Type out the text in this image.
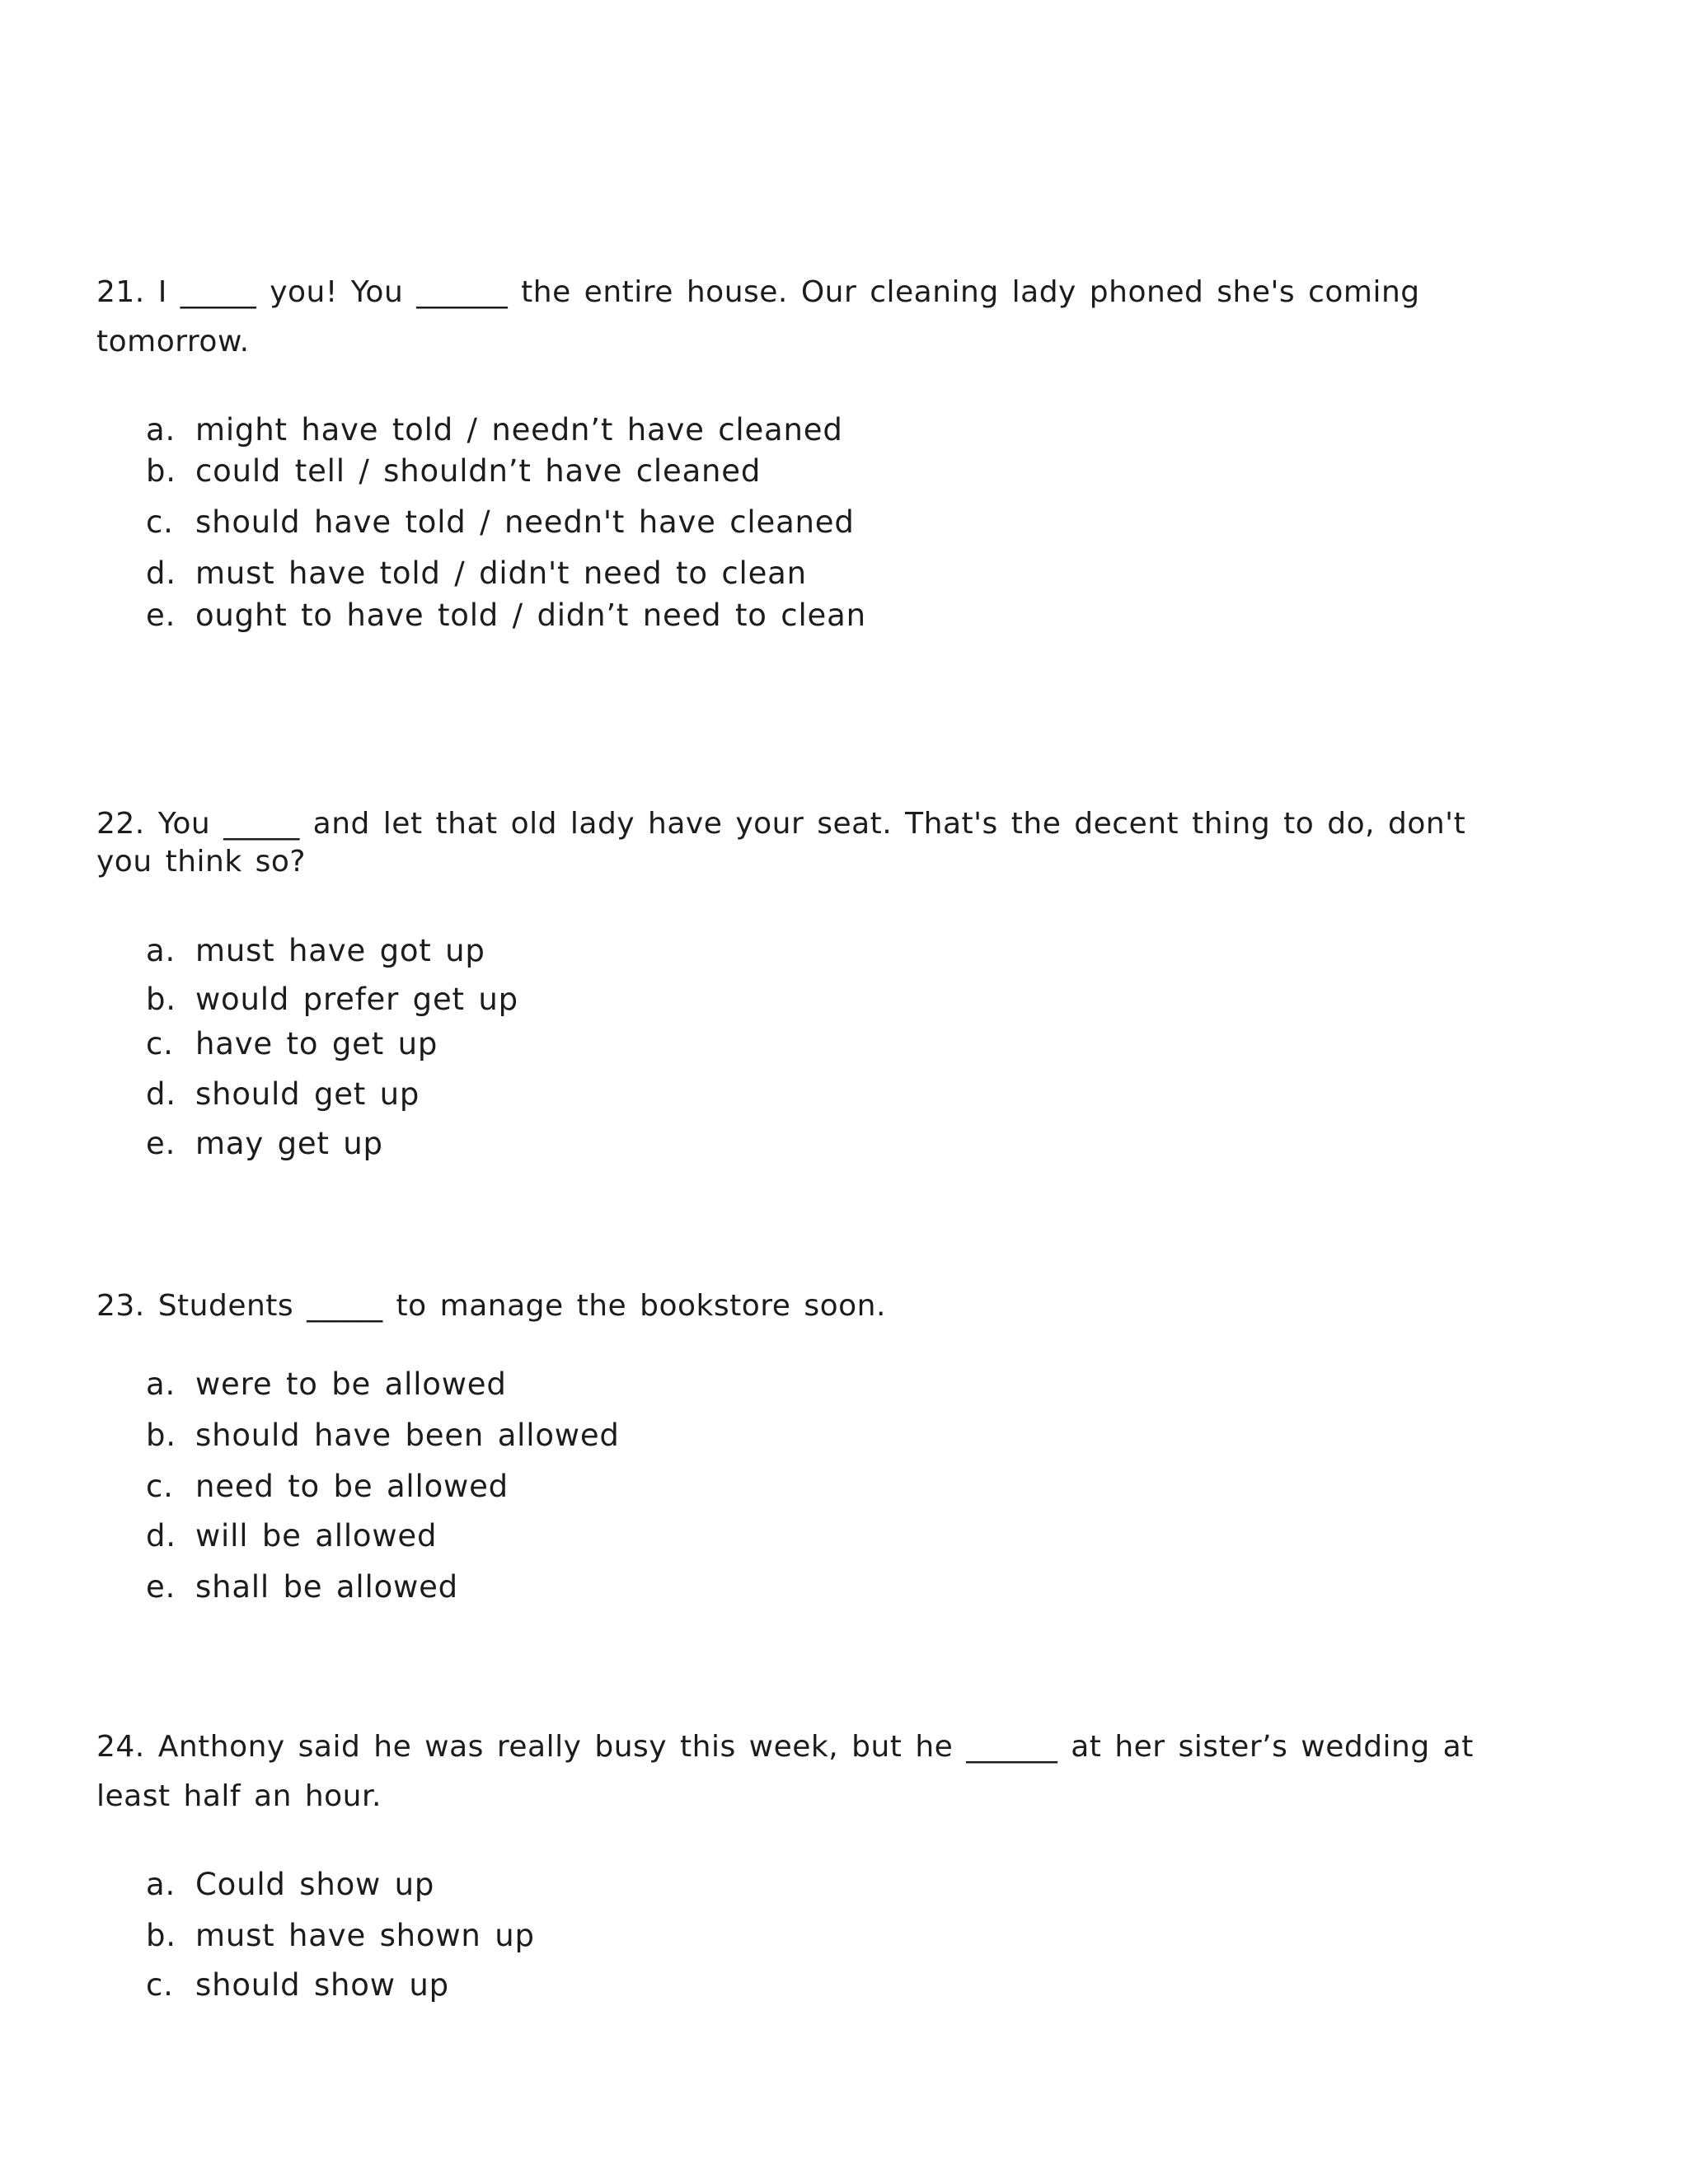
21. I _____ you! You ______ the entire house. Our cleaning lady phoned she's coming tomorrow.

a. might have told / needn’t have cleaned
b. could tell / shouldn’t have cleaned
c. should have told / needn't have cleaned
d. must have told / didn't need to clean
e. ought to have told / didn’t need to clean

22. You _____ and let that old lady have your seat. That's the decent thing to do, don't you think so?

a. must have got up
b. would prefer get up
c. have to get up
d. should get up
e. may get up

23. Students _____ to manage the bookstore soon.

a. were to be allowed
b. should have been allowed
c. need to be allowed
d. will be allowed
e. shall be allowed

24. Anthony said he was really busy this week, but he ______ at her sister’s wedding at least half an hour.

a. Could show up
b. must have shown up
c. should show up
